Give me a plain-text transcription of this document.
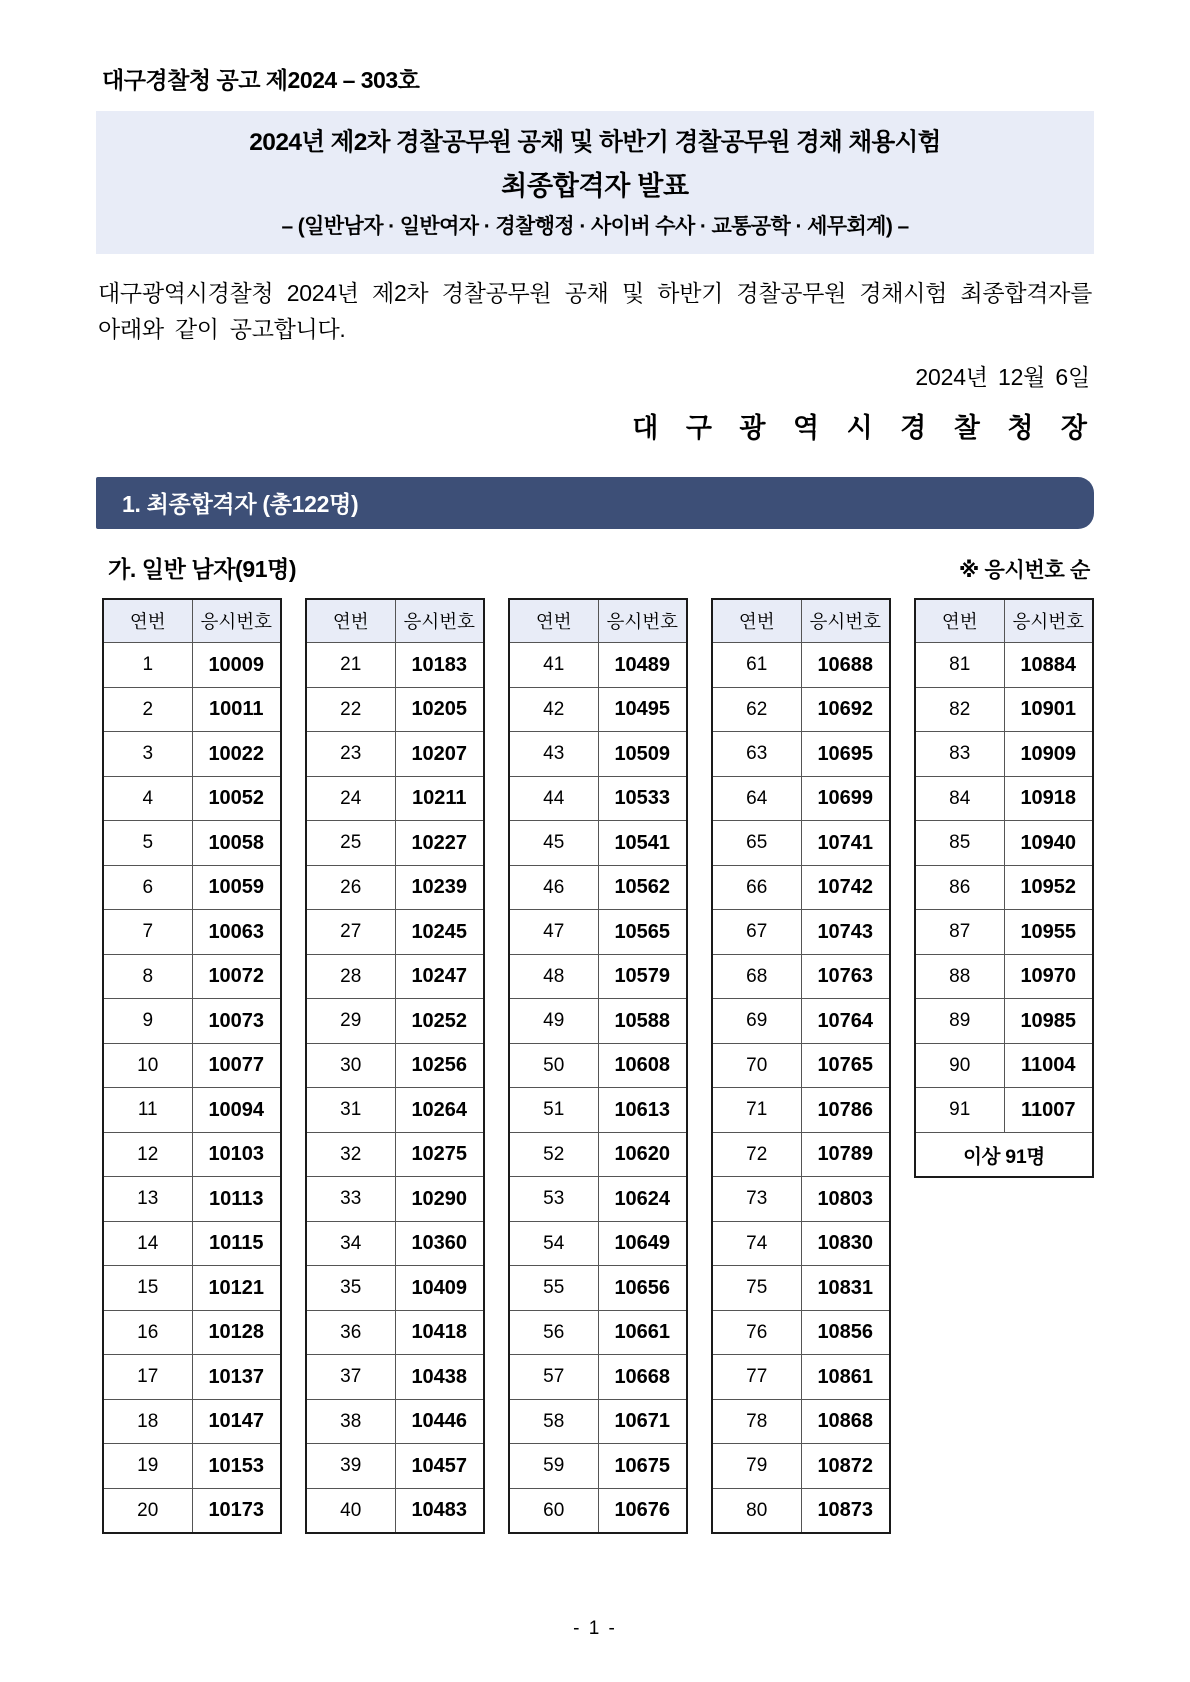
대구경찰청 공고 제2024 – 303호
2024년 제2차 경찰공무원 공채 및 하반기 경찰공무원 경채 채용시험
최종합격자 발표
– (일반남자 · 일반여자 · 경찰행정 · 사이버 수사 · 교통공학 · 세무회계) –
대구광역시경찰청 2024년 제2차 경찰공무원 공채 및 하반기 경찰공무원 경채시험 최종합격자를 아래와 같이 공고합니다.
2024년 12월 6일
대 구 광 역 시 경 찰 청 장
1. 최종합격자 (총122명)
가. 일반 남자(91명)	※ 응시번호 순
연번	응시번호
1	10009
2	10011
3	10022
4	10052
5	10058
6	10059
7	10063
8	10072
9	10073
10	10077
11	10094
12	10103
13	10113
14	10115
15	10121
16	10128
17	10137
18	10147
19	10153
20	10173
연번	응시번호
21	10183
22	10205
23	10207
24	10211
25	10227
26	10239
27	10245
28	10247
29	10252
30	10256
31	10264
32	10275
33	10290
34	10360
35	10409
36	10418
37	10438
38	10446
39	10457
40	10483
연번	응시번호
41	10489
42	10495
43	10509
44	10533
45	10541
46	10562
47	10565
48	10579
49	10588
50	10608
51	10613
52	10620
53	10624
54	10649
55	10656
56	10661
57	10668
58	10671
59	10675
60	10676
연번	응시번호
61	10688
62	10692
63	10695
64	10699
65	10741
66	10742
67	10743
68	10763
69	10764
70	10765
71	10786
72	10789
73	10803
74	10830
75	10831
76	10856
77	10861
78	10868
79	10872
80	10873
연번	응시번호
81	10884
82	10901
83	10909
84	10918
85	10940
86	10952
87	10955
88	10970
89	10985
90	11004
91	11007
이상 91명	
- 1 -
